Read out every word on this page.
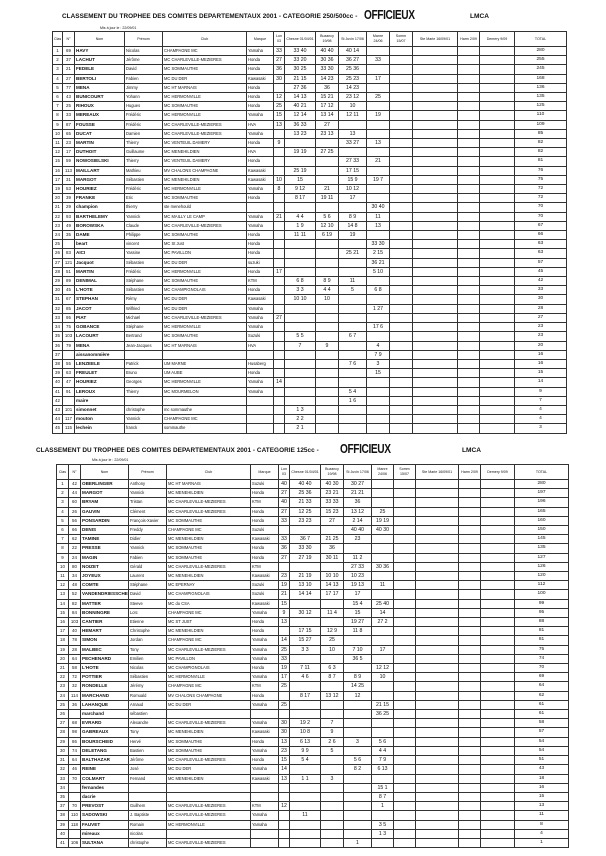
CLASSEMENT DU TROPHEE DES COMITES DEPARTEMENTAUX 2001 - CATEGORIE 250/500cc - OFFICIEUX	LMCA
Mis à jour le : 22/09/01
Clas	N°	Nom	Prénom	Club	Marque	Lon 03	Chesne 01/04/01	Buzancy 19/98	St Juvin 17/06	Manre 24/06	Somm 15/07	Ste Marie 16/09/01	Harm 2/09	Demery 9/09	TOTAL
1	69	HAVY	Nicolas	CHAMPAGNE MC	Yamaha	33	33 40	40 40	40 14						280
2	37	LACHUT	Jérôme	MC CHARLEVILLE-MEZIERES	Honda	27	33 20	30 36	36 27	33					255
3	21	FEDELE	David	MC SOMMAUTHE	Honda	36	30 25	33 30	25 36						245
4	27	BERTOLI	Fabien	MC DU DER	Kawasaki	30	21 15	14 23	25 23	17					168
5	77	MENA	Jimmy	MC HT MARNAIS	Honda		27 36	36	14 23						136
6	43	BUNICOURT	Yohann	MC HERMONVILLE	Honda	12	14 13	15 21	23 12	25					135
7	25	RIHOUX	Hugues	MC SOMMAUTHE	Honda	25	40 21	17 12	10						125
8	33	MEREAUX	Frédéric	MC HERMONVILLE	Yamaha	15	12 14	13 14	12 11	19					110
9	87	FOUSSE	Frédéric	MC CHARLEVILLE-MEZIERES	HVA	13	36 33	27							109
10	65	DUCAT	Damien	MC CHARLEVILLE-MEZIERES	Yamaha		13 23	23 13	13						85
11	23	MARTIN	Thierry	MC VENTEUIL DAMERY	Honda	9			33 27	13					82
12	17	DUTHOIT	Guillaume	MC MENEHILDIEN	HVA		19 19	27 25							82
15	59	NOWOSIELSKI	Thierry	MC VENTEUIL DAMERY	Honda				27 33	21					81
16	113	MAILLART	Mathieu	MV CHALONS CHAMPAGNE	Kawasaki		25 19		17 15						76
17	31	MARGOT	Sébastien	MC MENEHILDIEN	Kawasaki	10	15		15 9	19 7					75
19	53	HOURIEZ	Frédéric	MC HERMONVILLE	Yamaha	8	9 12	21	10 12						72
20	39	FRANKE	Eric	MC SOMMAUTHE	Honda		8 17	19 11	17						72
21	29	champion	thierry	ste menehould						30 40					70
22	93	BARTHELEMY	Yannick	MC MAILLY LE CAMP	Yamaha	21	4 4	5 6	8 9	11					70
23	49	BOROWSKA	Claude	MC CHARLEVILLE-MEZIERES	Yamaha		1 9	12 10	14 8	13					67
24	35	DAME	Philippe	MC SOMMAUTHE	Honda		11 11	6 19	19						66
25		beart	vincent	MC St Just	Honda					33 30					63
26	83	AICI	Yassine	MC PAVILLON	Honda				25 21	2 15					63
27	121	Jacquot	Sébastien	MC DU DER	suzuki					36 21					57
28	51	MARTIN	Frédéric	MC HERMONVILLE	Honda	17				5 10					45
29	89	DENIMAL	Stéphane	MC SOMMAUTHE	KTM		6 8	8 9	11						42
30	45	L'HOTE	Sébastien	MC CHAMPIGNOLAIS	Honda		3 3	4 4	5	6 8					33
31	67	STEPHAN	Rémy	MC DU DER	Kawasaki		10 10	10							30
32	85	JACOT	Wilfried	MC DU DER	Yamaha					1 27					28
33	95	PIAT	Michaël	MC CHARLEVILLE-MEZIERES	Yamaha	27									27
34	75	GOBANCE	Stéphane	MC HERMONVILLE	Yamaha					17 6					23
35	103	LACOURT	Bertrand	MC SOMMAUTHE	Suzuki		5 5		6 7						23
36	79	MENA	Jean-Jacques	MC HT MARNAIS	HVA		7	9		4					20
37		aissanommière								7 9					16
38	55	LENZEELE	Patrick	UM MARNE	Husaberg				7 6	3					16
39	63	FREULET	Bruno	UM AUBE	Honda					15					15
40	47	HOURIEZ	Georges	MC HERMONVILLE	Yamaha	14									14
41	91	LEROUX	Thierry	MC MOURMELON	Yamaha				5 4						9
42		maire							1 6						7
43	101	simonnet	christophe	mc sommauthe			1 3								4
44	117	mouton	Yannick	CHAMPAGNE MC			2 2								4
45	115	lechein	franck	sommauthe			2 1								3
CLASSEMENT DU TROPHEE DES COMITES DEPARTEMENTAUX 2001 - CATEGORIE 125cc - OFFICIEUX	LMCA
Mis à jour le : 22/09/01
Clas	N°	Nom	Prénom	Club	Marque	Lon 03	Chesne 01/04/01	Buzancy 19/98	St Juvin 17/06	Manre 24/06	Somm 15/07	Ste Marie 16/09/01	Harm 2/09	Demery 9/09	TOTAL
1	42	OBERLINGER	Anthony	MC HT MARNAIS	Suzuki	40	40 40	40 30	30 27						280
2	44	MARGOT	Yannick	MC MENEHILDIEN	Honda	27	25 36	23 21	21 21						197
3	60	BRYAM	Tristan	MC CHARLEVILLE-MEZIERES	KTM	40	21 33	33 33	36						196
4	26	GAUVIN	Clément	MC CHARLEVILLE-MEZIERES	Honda	27	12 25	15 23	13 12	25					165
5	56	PONSARDIN	François-Xavier	MC SOMMAUTHE	Honda	33	23 23	27	2 14	19 19					160
6	66	DENIS	Freddy	CHAMPAGNE MC	Suzuki				40 40	40 30					150
7	62	TAMINE	Didier	MC MENEHILDIEN	Kawasaki	33	36 7	21 25	23						145
8	22	PRESSE	Yannick	MC SOMMAUTHE	Honda	36	33 30	36							135
9	24	MAGIN	Fabien	MC SOMMAUTHE	Honda	27	27 19	30 11	11 2						127
10	80	NOIZET	Gérald	MC CHARLEVILLE-MEZIERES	KTM				27 33	30 36					126
11	34	JOYEUX	Laurent	MC MENEHILDIEN	Kawasaki	23	21 19	10 10	10 23						120
12	48	COMTE	Stéphane	MC EPERNAY	Suzuki	19	13 10	14 13	19 13	11					112
13	52	VANDENDRIESSCHE	David	MC CHAMPIGNOLAIS	Suzuki	21	14 14	17 17	17						100
14	82	MATTER	Steeve	MC du CSA	Kawasaki	15			15 4	25 40					99
15	84	BONNINGRE	Loïc	CHAMPAGNE MC	Yamaha	9	30 12	11 4	15	14					95
16	103	CANTIER	Etienne	MC ST JUST	Honda	13			19 27	27 2					88
17	40	HEMART	Christophe	MC MENEHILDIEN	Honda		17 15	12 9	11 8						81
18	78	SIMON	Jordan	CHAMPAGNE MC	Yamaha	14	15 27	25							81
19	28	MALBEC	Tony	MC CHARLEVILLE-MEZIERES	Yamaha	25	3 3	10	7 10	17					75
20	64	PECHENARD	Emilien	MC PAVILLON	Yamaha	33			36 5						74
21	58	L'HOTE	Nicolas	MC CHAMPIGNOLAIS	Honda	19	7 11	6 3		12 12					70
22	72	POTTIER	Sébastien	MC HERMONVILLE	Yamaha	17	4 6	8 7	8 9	10					69
23	32	RONDELLE	Jérémy	CHAMPAGNE MC	KTM	25			14 25						64
24	114	MARCHAND	Romuald	MV CHALONS CHAMPAGNE	Honda		8 17	13 12	12						62
25	36	LAHANQUE	Arnaud	MC DU DER	Yamaha	25				21 15					61
26		marchand	sébastien							36 25					61
27	68	EVRARD	Alexandre	MC CHARLEVILLE-MEZIERES	Yamaha	30	19 2	7							58
28	98	GABREAUX	Tony	MC MENEHILDIEN	Kawasaki	30	10 8	9							57
29	86	BOURSCHEID	Hervé	MC SOMMAUTHE	Honda	13	6 13	2 6	3	5 6					54
30	74	DELETANG	Bastien	MC SOMMAUTHE	Yamaha	23	9 9	5		4 4					54
31	64	BALTHAZAR	Jérôme	MC CHARLEVILLE-MEZIERES	Honda	15	5 4		5 6	7 9					51
32	46	REINE	José	MC DU DER	Yamaha	14			8 2	6 13					43
33	70	COLMART	Fernand	MC MENEHILDIEN	Kawasaki	13	1 1	3							18
34		fernandes								15 1					16
35		dacrie								8 7					15
37	70	PREVOST	Guilhem	MC CHARLEVILLE-MEZIERES	KTM	12				1					13
38	110	SADOWSKI	J. Baptiste	MC CHARLEVILLE-MEZIERES	Yamaha		11								11
39	118	FAUVET	Romain	MC HERMONVILLE	Yamaha					3 5					8
40		mireaux	nicolas							1 3					4
41	106	SULTANA	christophe	MC CHARLEVILLE-MEZIERES					1						1
